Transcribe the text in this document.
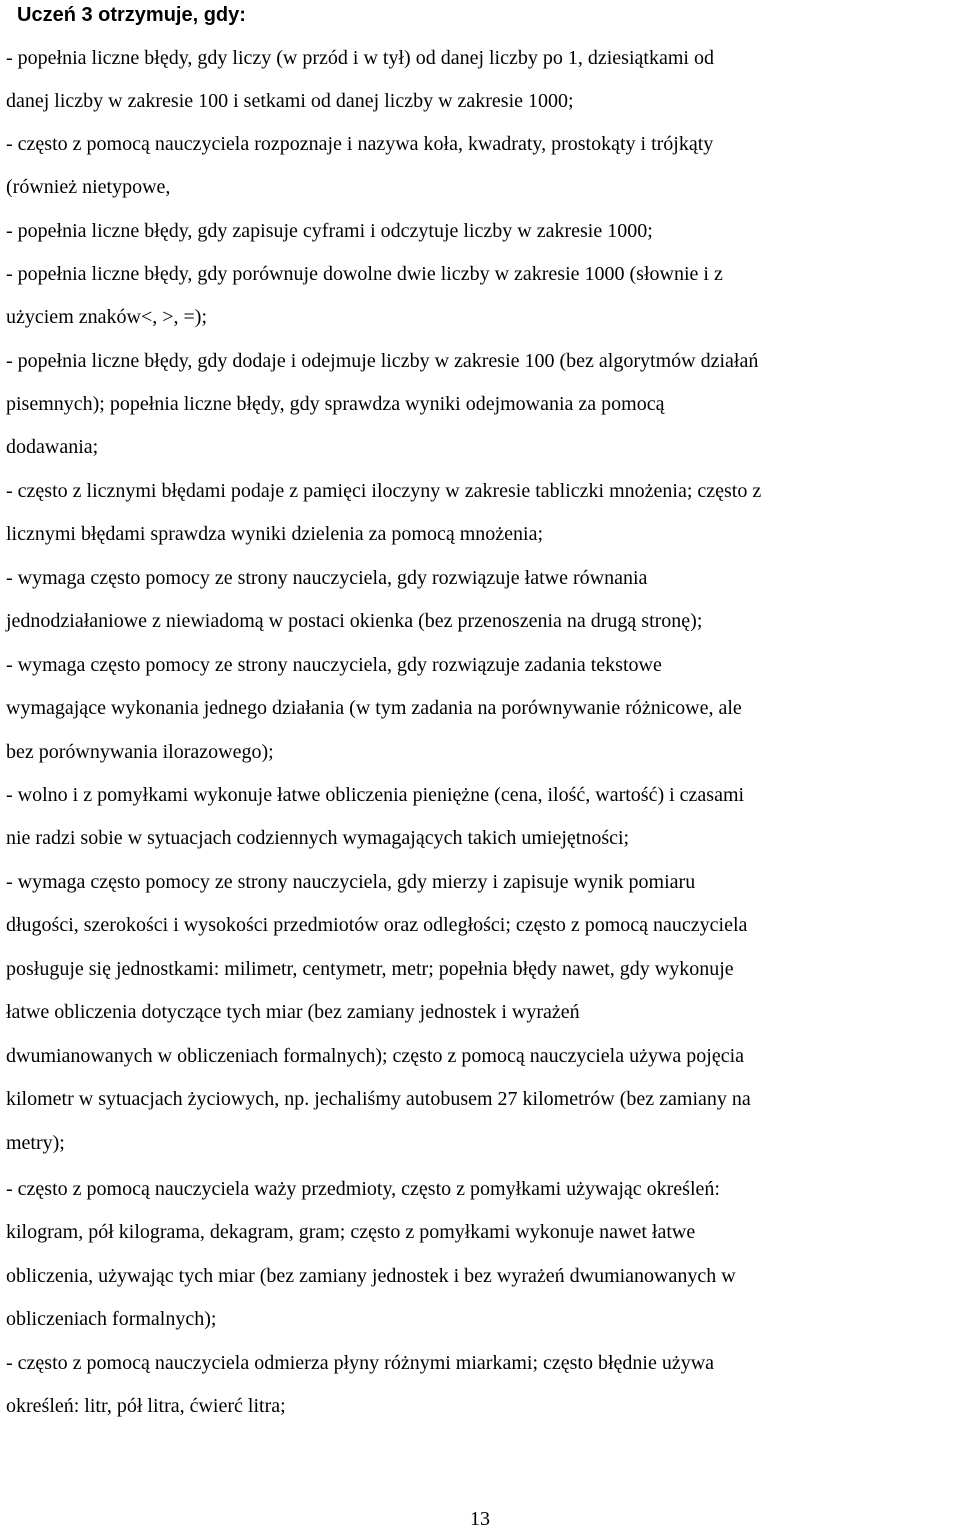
Uczeń 3 otrzymuje, gdy:

- popełnia liczne błędy, gdy liczy (w przód i w tył) od danej liczby po 1, dziesiątkami od

danej liczby w zakresie 100 i setkami od danej liczby w zakresie 1000;

- często z pomocą nauczyciela rozpoznaje i nazywa koła, kwadraty, prostokąty i trójkąty

(również nietypowe,

- popełnia liczne błędy, gdy zapisuje cyframi i odczytuje liczby w zakresie 1000;

- popełnia liczne błędy, gdy porównuje dowolne dwie liczby w zakresie 1000 (słownie i z

użyciem znaków<, >, =);

- popełnia liczne błędy, gdy dodaje i odejmuje liczby w zakresie 100 (bez algorytmów działań

pisemnych); popełnia liczne błędy, gdy sprawdza wyniki odejmowania za pomocą

dodawania;

- często z licznymi błędami podaje z pamięci iloczyny w zakresie tabliczki mnożenia; często z

licznymi błędami sprawdza wyniki dzielenia za pomocą mnożenia;

- wymaga często pomocy ze strony nauczyciela, gdy rozwiązuje łatwe równania

jednodziałaniowe z niewiadomą w postaci okienka (bez przenoszenia na drugą stronę);

- wymaga często pomocy ze strony nauczyciela, gdy rozwiązuje zadania tekstowe

wymagające wykonania jednego działania (w tym zadania na porównywanie różnicowe, ale

bez porównywania ilorazowego);

- wolno i z pomyłkami wykonuje łatwe obliczenia pieniężne (cena, ilość, wartość) i czasami

nie radzi sobie w sytuacjach codziennych wymagających takich umiejętności;

- wymaga często pomocy ze strony nauczyciela, gdy mierzy i zapisuje wynik pomiaru

długości, szerokości i wysokości przedmiotów oraz odległości; często z pomocą nauczyciela

posługuje się jednostkami: milimetr, centymetr, metr; popełnia błędy nawet, gdy wykonuje

łatwe obliczenia dotyczące tych miar (bez zamiany jednostek i wyrażeń

dwumianowanych w obliczeniach formalnych); często z pomocą nauczyciela używa pojęcia

kilometr w sytuacjach życiowych, np. jechaliśmy autobusem 27 kilometrów (bez zamiany na

metry);

- często z pomocą nauczyciela waży przedmioty, często z pomyłkami używając określeń:

kilogram, pół kilograma, dekagram, gram; często z pomyłkami wykonuje nawet łatwe

obliczenia, używając tych miar (bez zamiany jednostek i bez wyrażeń dwumianowanych w

obliczeniach formalnych);

- często z pomocą nauczyciela odmierza płyny różnymi miarkami; często błędnie używa

określeń: litr, pół litra, ćwierć litra;

13
